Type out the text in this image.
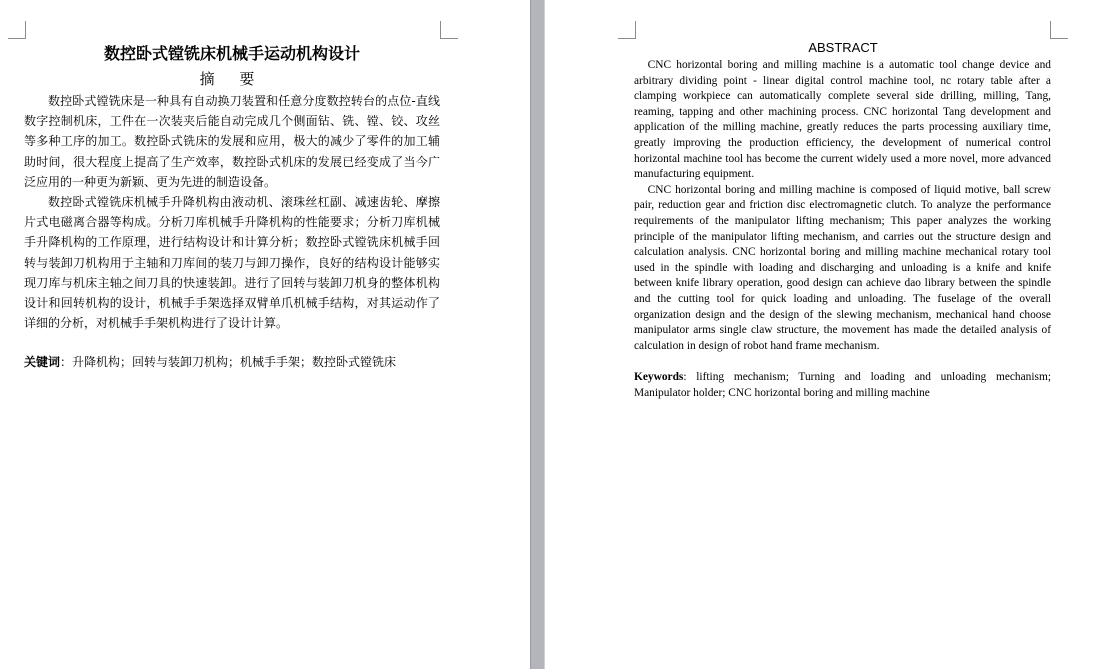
数控卧式镗铣床机械手运动机构设计
摘 要

数控卧式镗铣床是一种具有自动换刀装置和任意分度数控转台的点位-直线数字控制机床，工件在一次装夹后能自动完成几个侧面钻、铣、镗、铰、攻丝等多种工序的加工。数控卧式铣床的发展和应用，极大的减少了零件的加工辅助时间，很大程度上提高了生产效率，数控卧式机床的发展已经变成了当今广泛应用的一种更为新颖、更为先进的制造设备。

数控卧式镗铣床机械手升降机构由液动机、滚珠丝杠副、减速齿轮、摩擦片式电磁离合器等构成。分析刀库机械手升降机构的性能要求；分析刀库机械手升降机构的工作原理，进行结构设计和计算分析；数控卧式镗铣床机械手回转与装卸刀机构用于主轴和刀库间的装刀与卸刀操作，良好的结构设计能够实现刀库与机床主轴之间刀具的快速装卸。进行了回转与装卸刀机身的整体机构设计和回转机构的设计，机械手手架选择双臂单爪机械手结构，对其运动作了详细的分析，对机械手手架机构进行了设计计算。

关键词：升降机构；回转与装卸刀机构；机械手手架；数控卧式镗铣床
ABSTRACT

CNC horizontal boring and milling machine is a automatic tool change device and arbitrary dividing point - linear digital control machine tool, nc rotary table after a clamping workpiece can automatically complete several side drilling, milling, Tang, reaming, tapping and other machining process. CNC horizontal Tang development and application of the milling machine, greatly reduces the parts processing auxiliary time, greatly improving the production efficiency, the development of numerical control horizontal machine tool has become the current widely used a more novel, more advanced manufacturing equipment.

CNC horizontal boring and milling machine is composed of liquid motive, ball screw pair, reduction gear and friction disc electromagnetic clutch. To analyze the performance requirements of the manipulator lifting mechanism; This paper analyzes the working principle of the manipulator lifting mechanism, and carries out the structure design and calculation analysis. CNC horizontal boring and milling machine mechanical rotary tool used in the spindle with loading and discharging and unloading is a knife and knife between knife library operation, good design can achieve dao library between the spindle and the cutting tool for quick loading and unloading. The fuselage of the overall organization design and the design of the slewing mechanism, mechanical hand choose manipulator arms single claw structure, the movement has made the detailed analysis of calculation in design of robot hand frame mechanism.

Keywords: lifting mechanism; Turning and loading and unloading mechanism; Manipulator holder; CNC horizontal boring and milling machine
